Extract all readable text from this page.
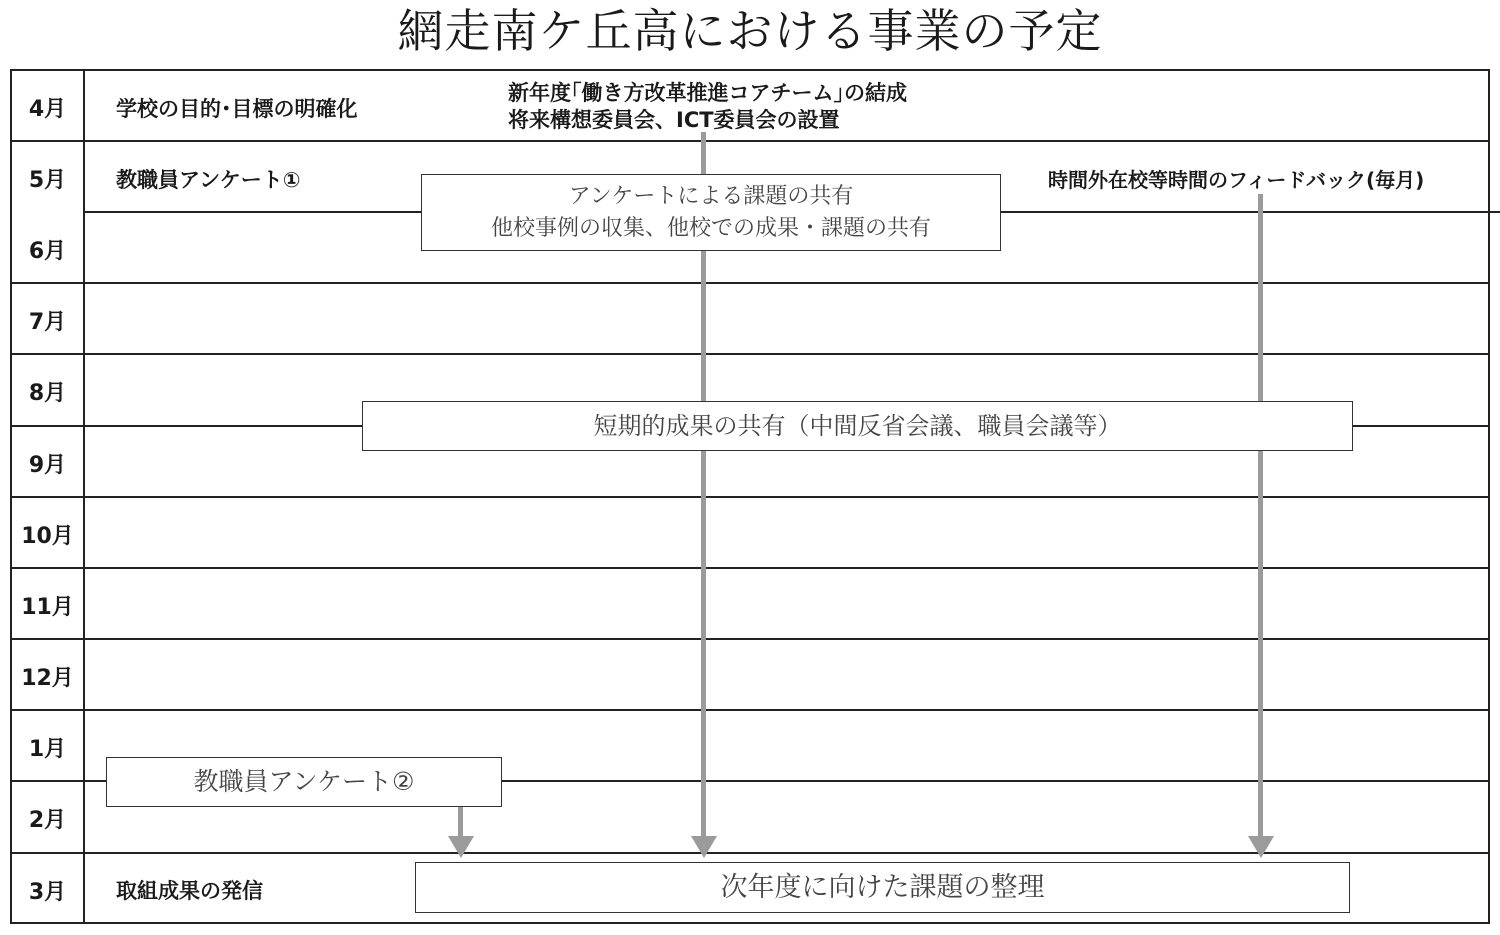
網走南ケ丘高における事業の予定
4月
5月
6月
7月
8月
9月
10月
11月
12月
1月
2月
3月
学校の目的･目標の明確化
新年度｢働き方改革推進コアチーム｣の結成
将来構想委員会、ICT委員会の設置
教職員アンケート①	時間外在校等時間のフィードバック(毎月)
取組成果の発信
アンケートによる課題の共有
他校事例の収集、他校での成果・課題の共有
短期的成果の共有（中間反省会議、職員会議等）
教職員アンケート②
次年度に向けた課題の整理
